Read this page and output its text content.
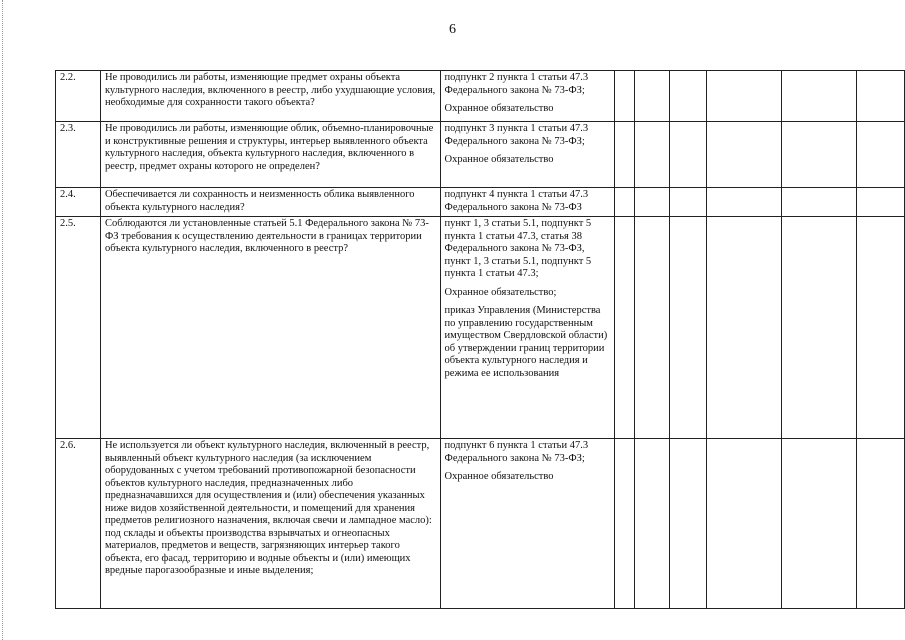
6
2.2.	Не проводились ли работы, изменяющие предмет охраны объекта культурного наследия, включенного в реестр, либо ухудшающие условия, необходимые для сохранности такого объекта?	подпункт 2 пункта 1 статьи 47.3 Федерального закона № 73-ФЗ;

Охранное обязательство						

2.3.	Не проводились ли работы, изменяющие облик, объемно-планировочные и конструктивные решения и структуры, интерьер выявленного объекта культурного наследия, объекта культурного наследия, включенного в реестр, предмет охраны которого не определен?	подпункт 3 пункта 1 статьи 47.3 Федерального закона № 73-ФЗ;

Охранное обязательство						

2.4.	Обеспечивается ли сохранность и неизменность облика выявленного объекта культурного наследия?	подпункт 4 пункта 1 статьи 47.3 Федерального закона № 73-ФЗ						

2.5.	Соблюдаются ли установленные статьей 5.1 Федерального закона № 73-ФЗ требования к осуществлению деятельности в границах территории объекта культурного наследия, включенного в реестр?	пункт 1, 3 статьи 5.1, подпункт 5 пункта 1 статьи 47.3, статья 38 Федерального закона № 73-ФЗ, пункт 1, 3 статьи 5.1, подпункт 5 пункта 1 статьи 47.3;

Охранное обязательство;

приказ Управления (Министерства по управлению государственным имуществом Свердловской области) об утверждении границ территории объекта культурного наследия и режима ее использования						

2.6.	Не используется ли объект культурного наследия, включенный в реестр, выявленный объект культурного наследия (за исключением оборудованных с учетом требований противопожарной безопасности объектов культурного наследия, предназначенных либо предназначавшихся для осуществления и (или) обеспечения указанных ниже видов хозяйственной деятельности, и помещений для хранения предметов религиозного назначения, включая свечи и лампадное масло): под склады и объекты производства взрывчатых и огнеопасных материалов, предметов и веществ, загрязняющих интерьер такого объекта, его фасад, территорию и водные объекты и (или) имеющих вредные парогазообразные и иные выделения;	подпункт 6 пункта 1 статьи 47.3 Федерального закона № 73-ФЗ;

Охранное обязательство						
